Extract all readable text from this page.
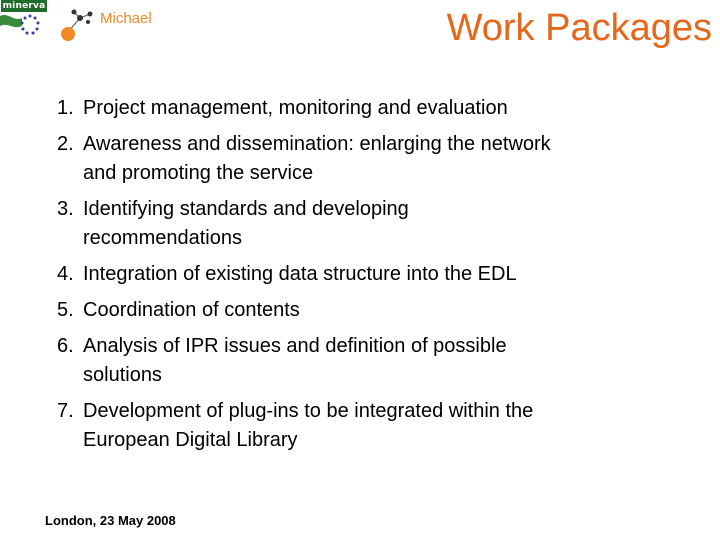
minerva
Michael	Work Packages
1. Project management, monitoring and evaluation
2. Awareness and dissemination: enlarging the network
and promoting the service
3. Identifying standards and developing
recommendations
4. Integration of existing data structure into the EDL
5. Coordination of contents
6. Analysis of IPR issues and definition of possible
solutions
7. Development of plug-ins to be integrated within the
European Digital Library
London, 23 May 2008
